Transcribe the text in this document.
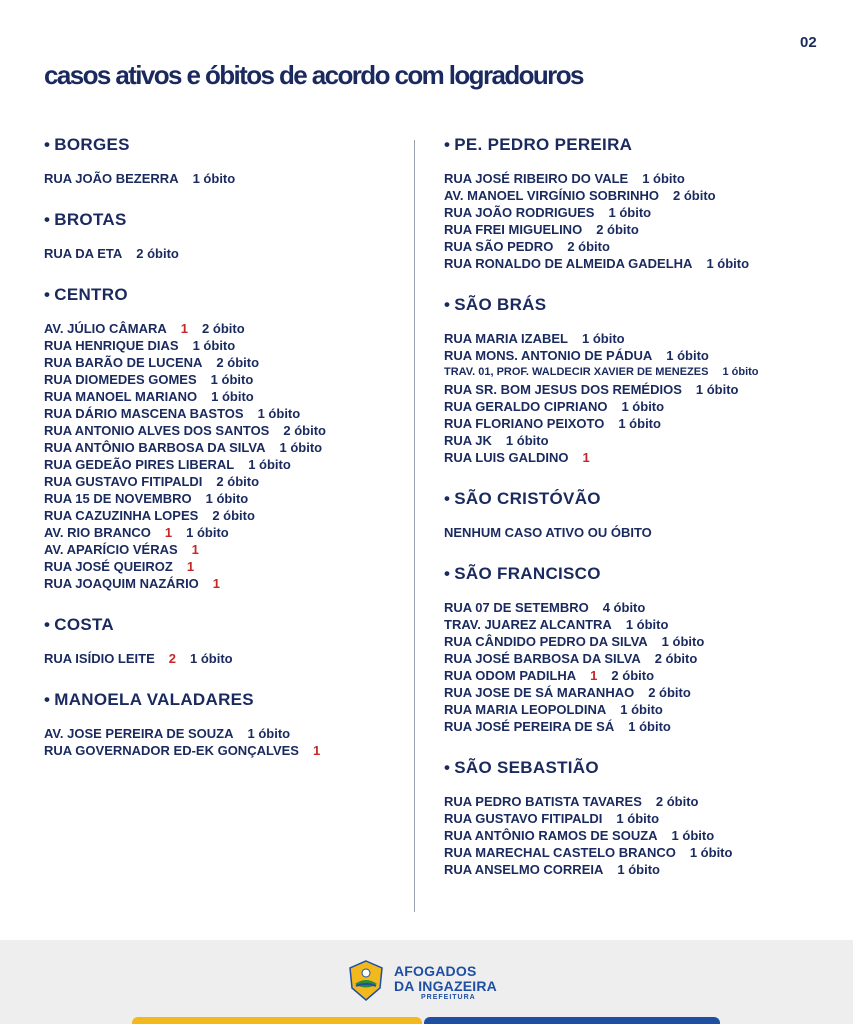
02
casos ativos e óbitos de acordo com logradouros
• BORGES
RUA JOÃO BEZERRA 1 óbito
• BROTAS
RUA DA ETA 2 óbito
• CENTRO
AV. JÚLIO CÂMARA 1 2 óbito
RUA HENRIQUE DIAS 1 óbito
RUA BARÃO DE LUCENA 2 óbito
RUA DIOMEDES GOMES 1 óbito
RUA MANOEL MARIANO 1 óbito
RUA DÁRIO MASCENA BASTOS 1 óbito
RUA ANTONIO ALVES DOS SANTOS 2 óbito
RUA ANTÔNIO BARBOSA DA SILVA 1 óbito
RUA GEDEÃO PIRES LIBERAL 1 óbito
RUA GUSTAVO FITIPALDI 2 óbito
RUA 15 DE NOVEMBRO 1 óbito
RUA CAZUZINHA LOPES 2 óbito
AV. RIO BRANCO 1 1 óbito
AV. APARÍCIO VÉRAS 1
RUA JOSÉ QUEIROZ 1
RUA JOAQUIM NAZÁRIO 1
• COSTA
RUA ISÍDIO LEITE 2 1 óbito
• MANOELA VALADARES
AV. JOSE PEREIRA DE SOUZA 1 óbito
RUA GOVERNADOR ED-EK GONÇALVES 1
• PE. PEDRO PEREIRA
RUA JOSÉ RIBEIRO DO VALE 1 óbito
AV. MANOEL VIRGÍNIO SOBRINHO 2 óbito
RUA JOÃO RODRIGUES 1 óbito
RUA FREI MIGUELINO 2 óbito
RUA SÃO PEDRO 2 óbito
RUA RONALDO DE ALMEIDA GADELHA 1 óbito
• SÃO BRÁS
RUA MARIA IZABEL 1 óbito
RUA MONS. ANTONIO DE PÁDUA 1 óbito
TRAV. 01, PROF. WALDECIR XAVIER DE MENEZES 1 óbito
RUA SR. BOM JESUS DOS REMÉDIOS 1 óbito
RUA GERALDO CIPRIANO 1 óbito
RUA FLORIANO PEIXOTO 1 óbito
RUA JK 1 óbito
RUA LUIS GALDINO 1
• SÃO CRISTÓVÃO
NENHUM CASO ATIVO OU ÓBITO
• SÃO FRANCISCO
RUA 07 DE SETEMBRO 4 óbito
TRAV. JUAREZ ALCANTRA 1 óbito
RUA CÂNDIDO PEDRO DA SILVA 1 óbito
RUA JOSÉ BARBOSA DA SILVA 2 óbito
RUA ODOM PADILHA 1 2 óbito
RUA JOSE DE SÁ MARANHAO 2 óbito
RUA MARIA LEOPOLDINA 1 óbito
RUA JOSÉ PEREIRA DE SÁ 1 óbito
• SÃO SEBASTIÃO
RUA PEDRO BATISTA TAVARES 2 óbito
RUA GUSTAVO FITIPALDI 1 óbito
RUA ANTÔNIO RAMOS DE SOUZA 1 óbito
RUA MARECHAL CASTELO BRANCO 1 óbito
RUA ANSELMO CORREIA 1 óbito
AFOGADOS
DA INGAZEIRA
PREFEITURA
